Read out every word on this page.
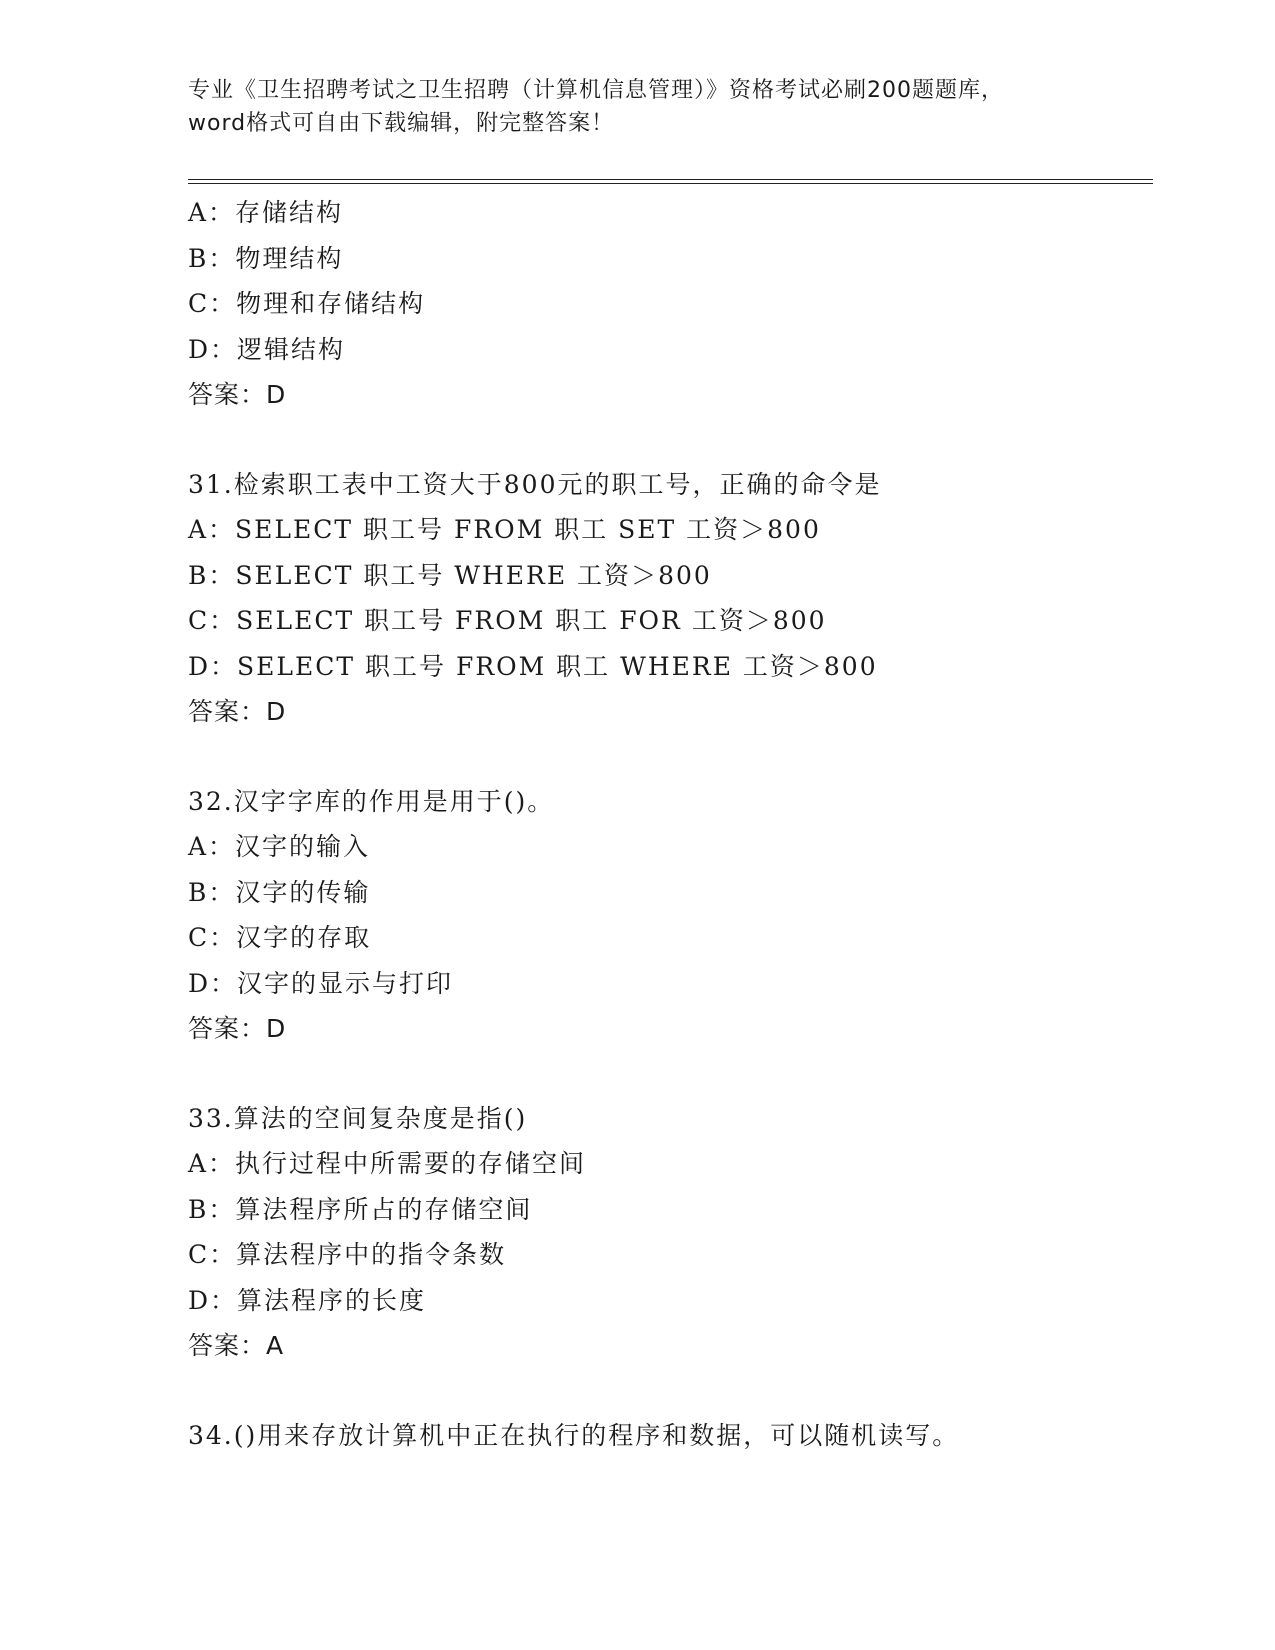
专业《卫生招聘考试之卫生招聘（计算机信息管理）》资格考试必刷200题题库，
word格式可自由下载编辑，附完整答案！
A：存储结构
B：物理结构
C：物理和存储结构
D：逻辑结构
答案：D
31.检索职工表中工资大于800元的职工号，正确的命令是
A：SELECT 职工号 FROM 职工 SET 工资＞800
B：SELECT 职工号 WHERE 工资＞800
C：SELECT 职工号 FROM 职工 FOR 工资＞800
D：SELECT 职工号 FROM 职工 WHERE 工资＞800
答案：D
32.汉字字库的作用是用于()。
A：汉字的输入
B：汉字的传输
C：汉字的存取
D：汉字的显示与打印
答案：D
33.算法的空间复杂度是指()
A：执行过程中所需要的存储空间
B：算法程序所占的存储空间
C：算法程序中的指令条数
D：算法程序的长度
答案：A
34.()用来存放计算机中正在执行的程序和数据，可以随机读写。
